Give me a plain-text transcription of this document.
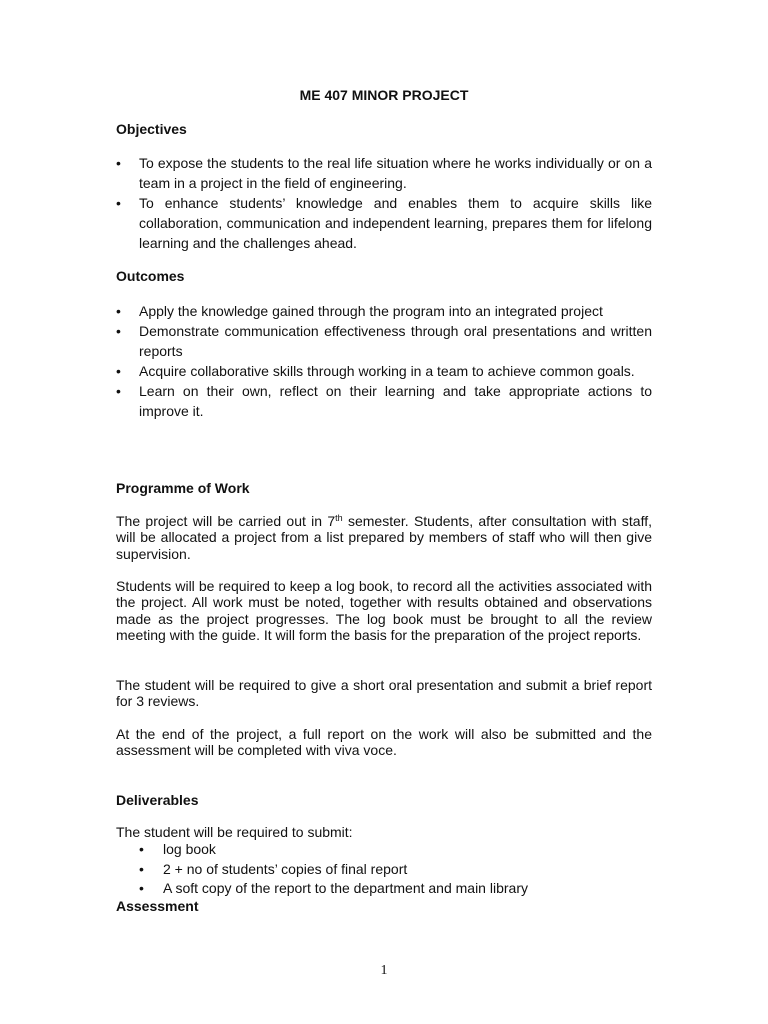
ME 407 MINOR PROJECT
Objectives
• To expose the students to the real life situation where he works individually or on a team in a project in the field of engineering.
• To enhance students’ knowledge and enables them to acquire skills like collaboration, communication and independent learning, prepares them for lifelong learning and the challenges ahead.
Outcomes
• Apply the knowledge gained through the program into an integrated project
• Demonstrate communication effectiveness through oral presentations and written reports
• Acquire collaborative skills through working in a team to achieve common goals.
• Learn on their own, reflect on their learning and take appropriate actions to improve it.
Programme of Work

The project will be carried out in 7th semester. Students, after consultation with staff, will be allocated a project from a list prepared by members of staff who will then give supervision.

Students will be required to keep a log book, to record all the activities associated with the project. All work must be noted, together with results obtained and observations made as the project progresses. The log book must be brought to all the review meeting with the guide. It will form the basis for the preparation of the project reports.

The student will be required to give a short oral presentation and submit a brief report for 3 reviews.

At the end of the project, a full report on the work will also be submitted and the assessment will be completed with viva voce.

Deliverables

The student will be required to submit:

• log book
• 2 + no of students’ copies of final report
• A soft copy of the report to the department and main library
Assessment
1
